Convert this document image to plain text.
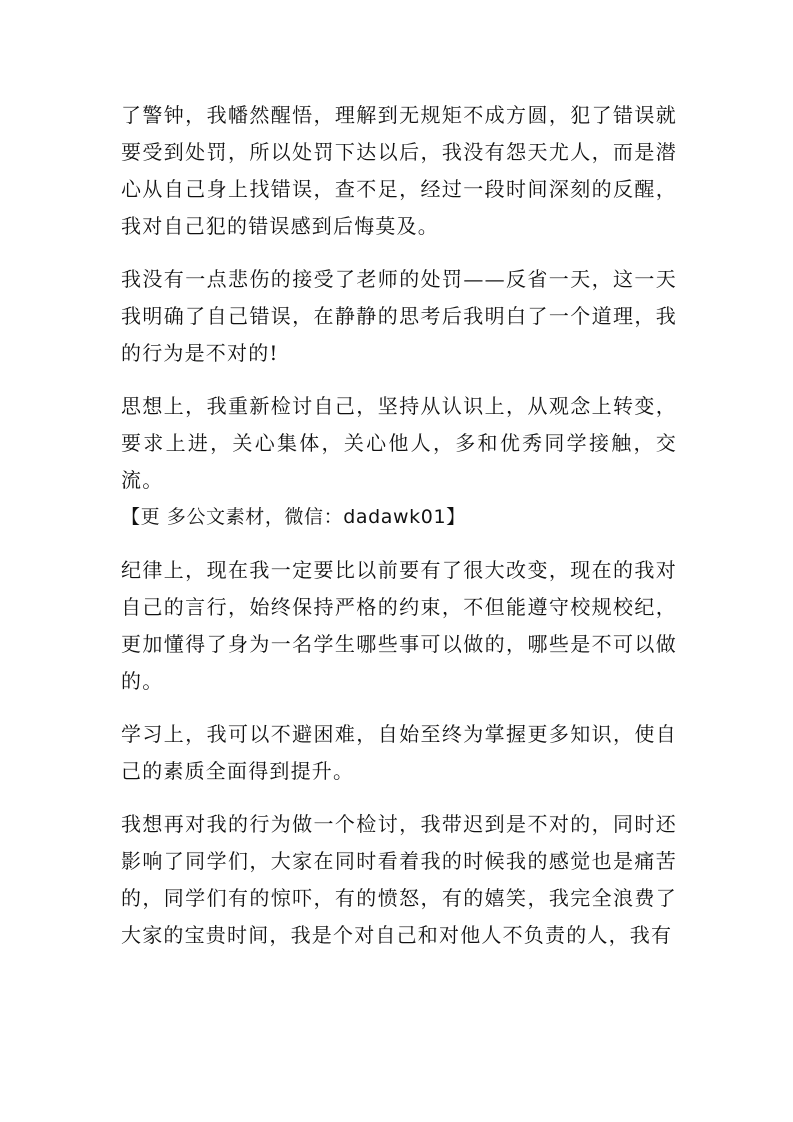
了警钟，我幡然醒悟，理解到无规矩不成方圆，犯了错误就要受到处罚，所以处罚下达以后，我没有怨天尤人，而是潜心从自己身上找错误，查不足，经过一段时间深刻的反醒，我对自己犯的错误感到后悔莫及。

我没有一点悲伤的接受了老师的处罚——反省一天，这一天我明确了自己错误，在静静的思考后我明白了一个道理，我的行为是不对的!

思想上，我重新检讨自己，坚持从认识上，从观念上转变，要求上进，关心集体，关心他人，多和优秀同学接触，交流。

【更 多公文素材，微信：dadawk01】

纪律上，现在我一定要比以前要有了很大改变，现在的我对自己的言行，始终保持严格的约束，不但能遵守校规校纪，更加懂得了身为一名学生哪些事可以做的，哪些是不可以做的。

学习上，我可以不避困难，自始至终为掌握更多知识，使自己的素质全面得到提升。

我想再对我的行为做一个检讨，我带迟到是不对的，同时还影响了同学们，大家在同时看着我的时候我的感觉也是痛苦的，同学们有的惊吓，有的愤怒，有的嬉笑，我完全浪费了大家的宝贵时间，我是个对自己和对他人不负责的人，我有
